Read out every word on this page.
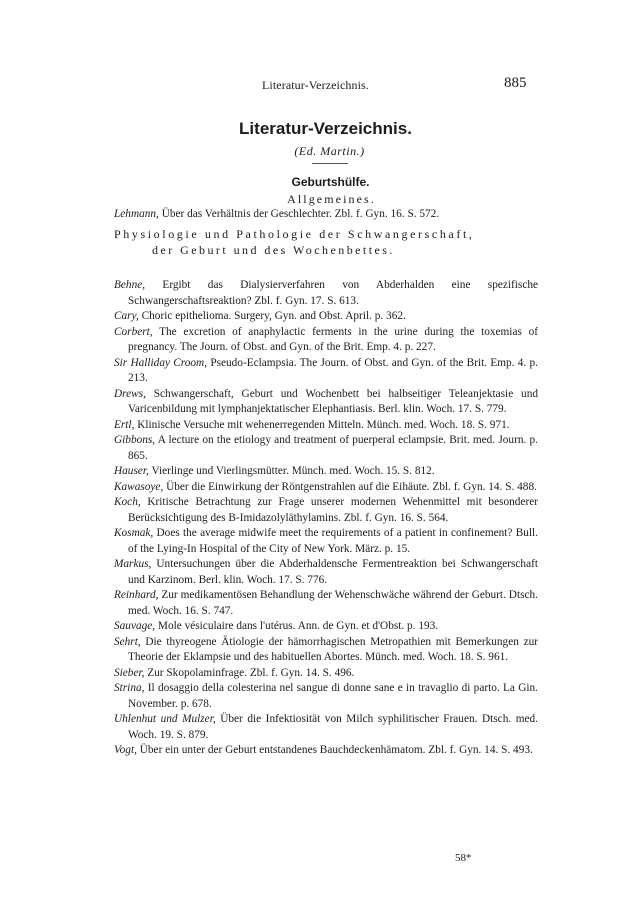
Literatur-Verzeichnis.	885
Literatur-Verzeichnis.
(Ed. Martin.)
Geburtshülfe.
Allgemeines.

Lehmann, Über das Verhältnis der Geschlechter. Zbl. f. Gyn. 16. S. 572.

Behne, Ergibt das Dialysierverfahren von Abderhalden eine spezifische Schwangerschaftsreaktion? Zbl. f. Gyn. 17. S. 613.

Cary, Choric epithelioma. Surgery, Gyn. and Obst. April. p. 362.

Corbert, The excretion of anaphylactic ferments in the urine during the toxemias of pregnancy. The Journ. of Obst. and Gyn. of the Brit. Emp. 4. p. 227.

Sir Halliday Croom, Pseudo-Eclampsia. The Journ. of Obst. and Gyn. of the Brit. Emp. 4. p. 213.

Drews, Schwangerschaft, Geburt und Wochenbett bei halbseitiger Teleanjektasie und Varicenbildung mit lymphanjektatischer Elephantiasis. Berl. klin. Woch. 17. S. 779.

Ertl, Klinische Versuche mit wehenerregenden Mitteln. Münch. med. Woch. 18. S. 971.

Gibbons, A lecture on the etiology and treatment of puerperal eclampsie. Brit. med. Journ. p. 865.

Hauser, Vierlinge und Vierlingsmütter. Münch. med. Woch. 15. S. 812.

Kawasoye, Über die Einwirkung der Röntgenstrahlen auf die Eihäute. Zbl. f. Gyn. 14. S. 488.

Koch, Kritische Betrachtung zur Frage unserer modernen Wehenmittel mit besonderer Berücksichtigung des B-Imidazolyläthylamins. Zbl. f. Gyn. 16. S. 564.

Kosmak, Does the average midwife meet the requirements of a patient in confinement? Bull. of the Lying-In Hospital of the City of New York. März. p. 15.

Markus, Untersuchungen über die Abderhaldensche Fermentreaktion bei Schwangerschaft und Karzinom. Berl. klin. Woch. 17. S. 776.

Reinhard, Zur medikamentösen Behandlung der Wehenschwäche während der Geburt. Dtsch. med. Woch. 16. S. 747.

Sauvage, Mole vésiculaire dans l'utérus. Ann. de Gyn. et d'Obst. p. 193.

Sehrt, Die thyreogene Ätiologie der hämorrhagischen Metropathien mit Bemerkungen zur Theorie der Eklampsie und des habituellen Abortes. Münch. med. Woch. 18. S. 961.

Sieber, Zur Skopolaminfrage. Zbl. f. Gyn. 14. S. 496.

Strina, Il dosaggio della colesterina nel sangue di donne sane e in travaglio di parto. La Gin. November. p. 678.

Uhlenhut und Mulzer, Über die Infektiosität von Milch syphilitischer Frauen. Dtsch. med. Woch. 19. S. 879.

Vogt, Über ein unter der Geburt entstandenes Bauchdeckenhämatom. Zbl. f. Gyn. 14. S. 493.

Physiologie und Pathologie der Schwangerschaft,
der Geburt und des Wochenbettes.
58*
